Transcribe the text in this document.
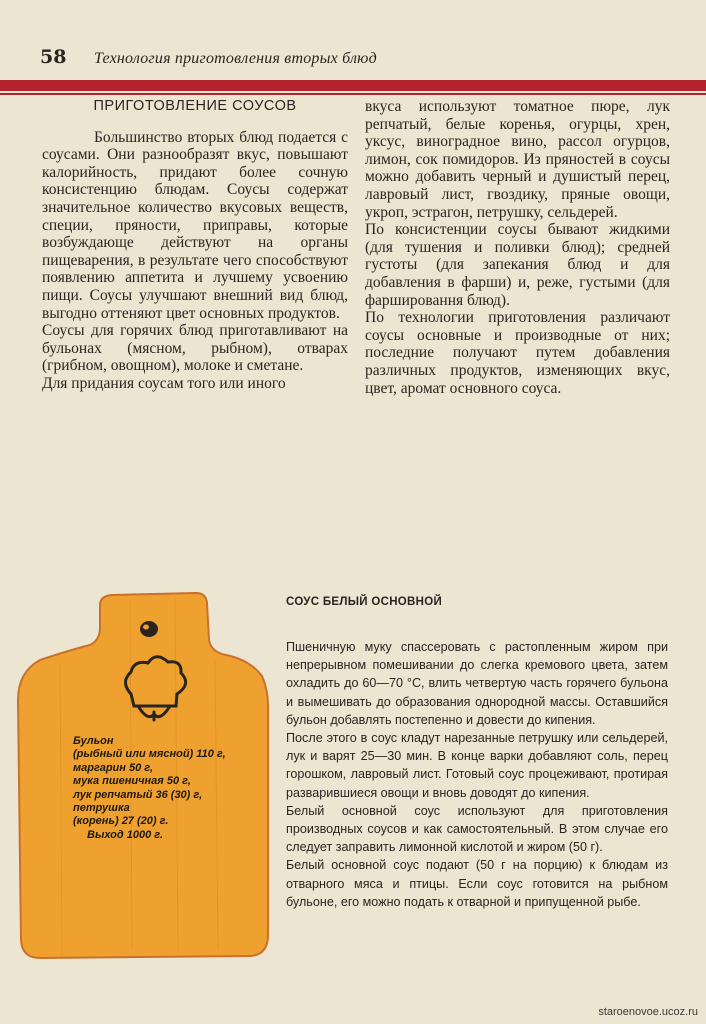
58 Технология приготовления вторых блюд
ПРИГОТОВЛЕНИЕ СОУСОВ

Большинство вторых блюд подается с соусами. Они разнообразят вкус, повышают калорийность, придают более сочную консистенцию блюдам. Соусы содержат значительное количество вкусовых веществ, специи, пряности, приправы, которые возбуждающе действуют на органы пищеварения, в результате чего способствуют появлению аппетита и лучшему усвоению пищи. Соусы улучшают внешний вид блюд, выгодно оттеняют цвет основных продуктов.

Соусы для горячих блюд приготавливают на бульонах (мясном, рыбном), отварах (грибном, овощном), молоке и сметане.

Для придания соусам того или иного

вкуса используют томатное пюре, лук репчатый, белые коренья, огурцы, хрен, уксус, виноградное вино, рассол огурцов, лимон, сок помидоров. Из пряностей в соусы можно добавить черный и душистый перец, лавровый лист, гвоздику, пряные овощи, укроп, эстрагон, петрушку, сельдерей.

По консистенции соусы бывают жидкими (для тушения и поливки блюд); средней густоты (для запекания блюд и для добавления в фарши) и, реже, густыми (для фаршировання блюд).

По технологии приготовления различают соусы основные и производные от них; последние получают путем добавления различных продуктов, изменяющих вкус, цвет, аромат основного соуса.

Бульон
(рыбный или мясной) 110 г,
маргарин 50 г,
мука пшеничная 50 г,
лук репчатый 36 (30) г,
петрушка
(корень) 27 (20) г.
Выход 1000 г.
СОУС БЕЛЫЙ ОСНОВНОЙ

Пшеничную муку спассеровать с растопленным жиром при непрерывном помешивании до слегка кремового цвета, затем охладить до 60—70 °С, влить четвертую часть горячего бульона и вымешивать до образования однородной массы. Оставшийся бульон добавлять постепенно и довести до кипения.

После этого в соус кладут нарезанные петрушку или сельдерей, лук и варят 25—30 мин. В конце варки добавляют соль, перец горошком, лавровый лист. Готовый соус процеживают, протирая разварившиеся овощи и вновь доводят до кипения.

Белый основной соус используют для приготовления производных соусов и как самостоятельный. В этом случае его следует заправить лимонной кислотой и жиром (50 г).

Белый основной соус подают (50 г на порцию) к блюдам из отварного мяса и птицы. Если соус готовится на рыбном бульоне, его можно подать к отварной и припущенной рыбе.

staroenovoe.ucoz.ru
